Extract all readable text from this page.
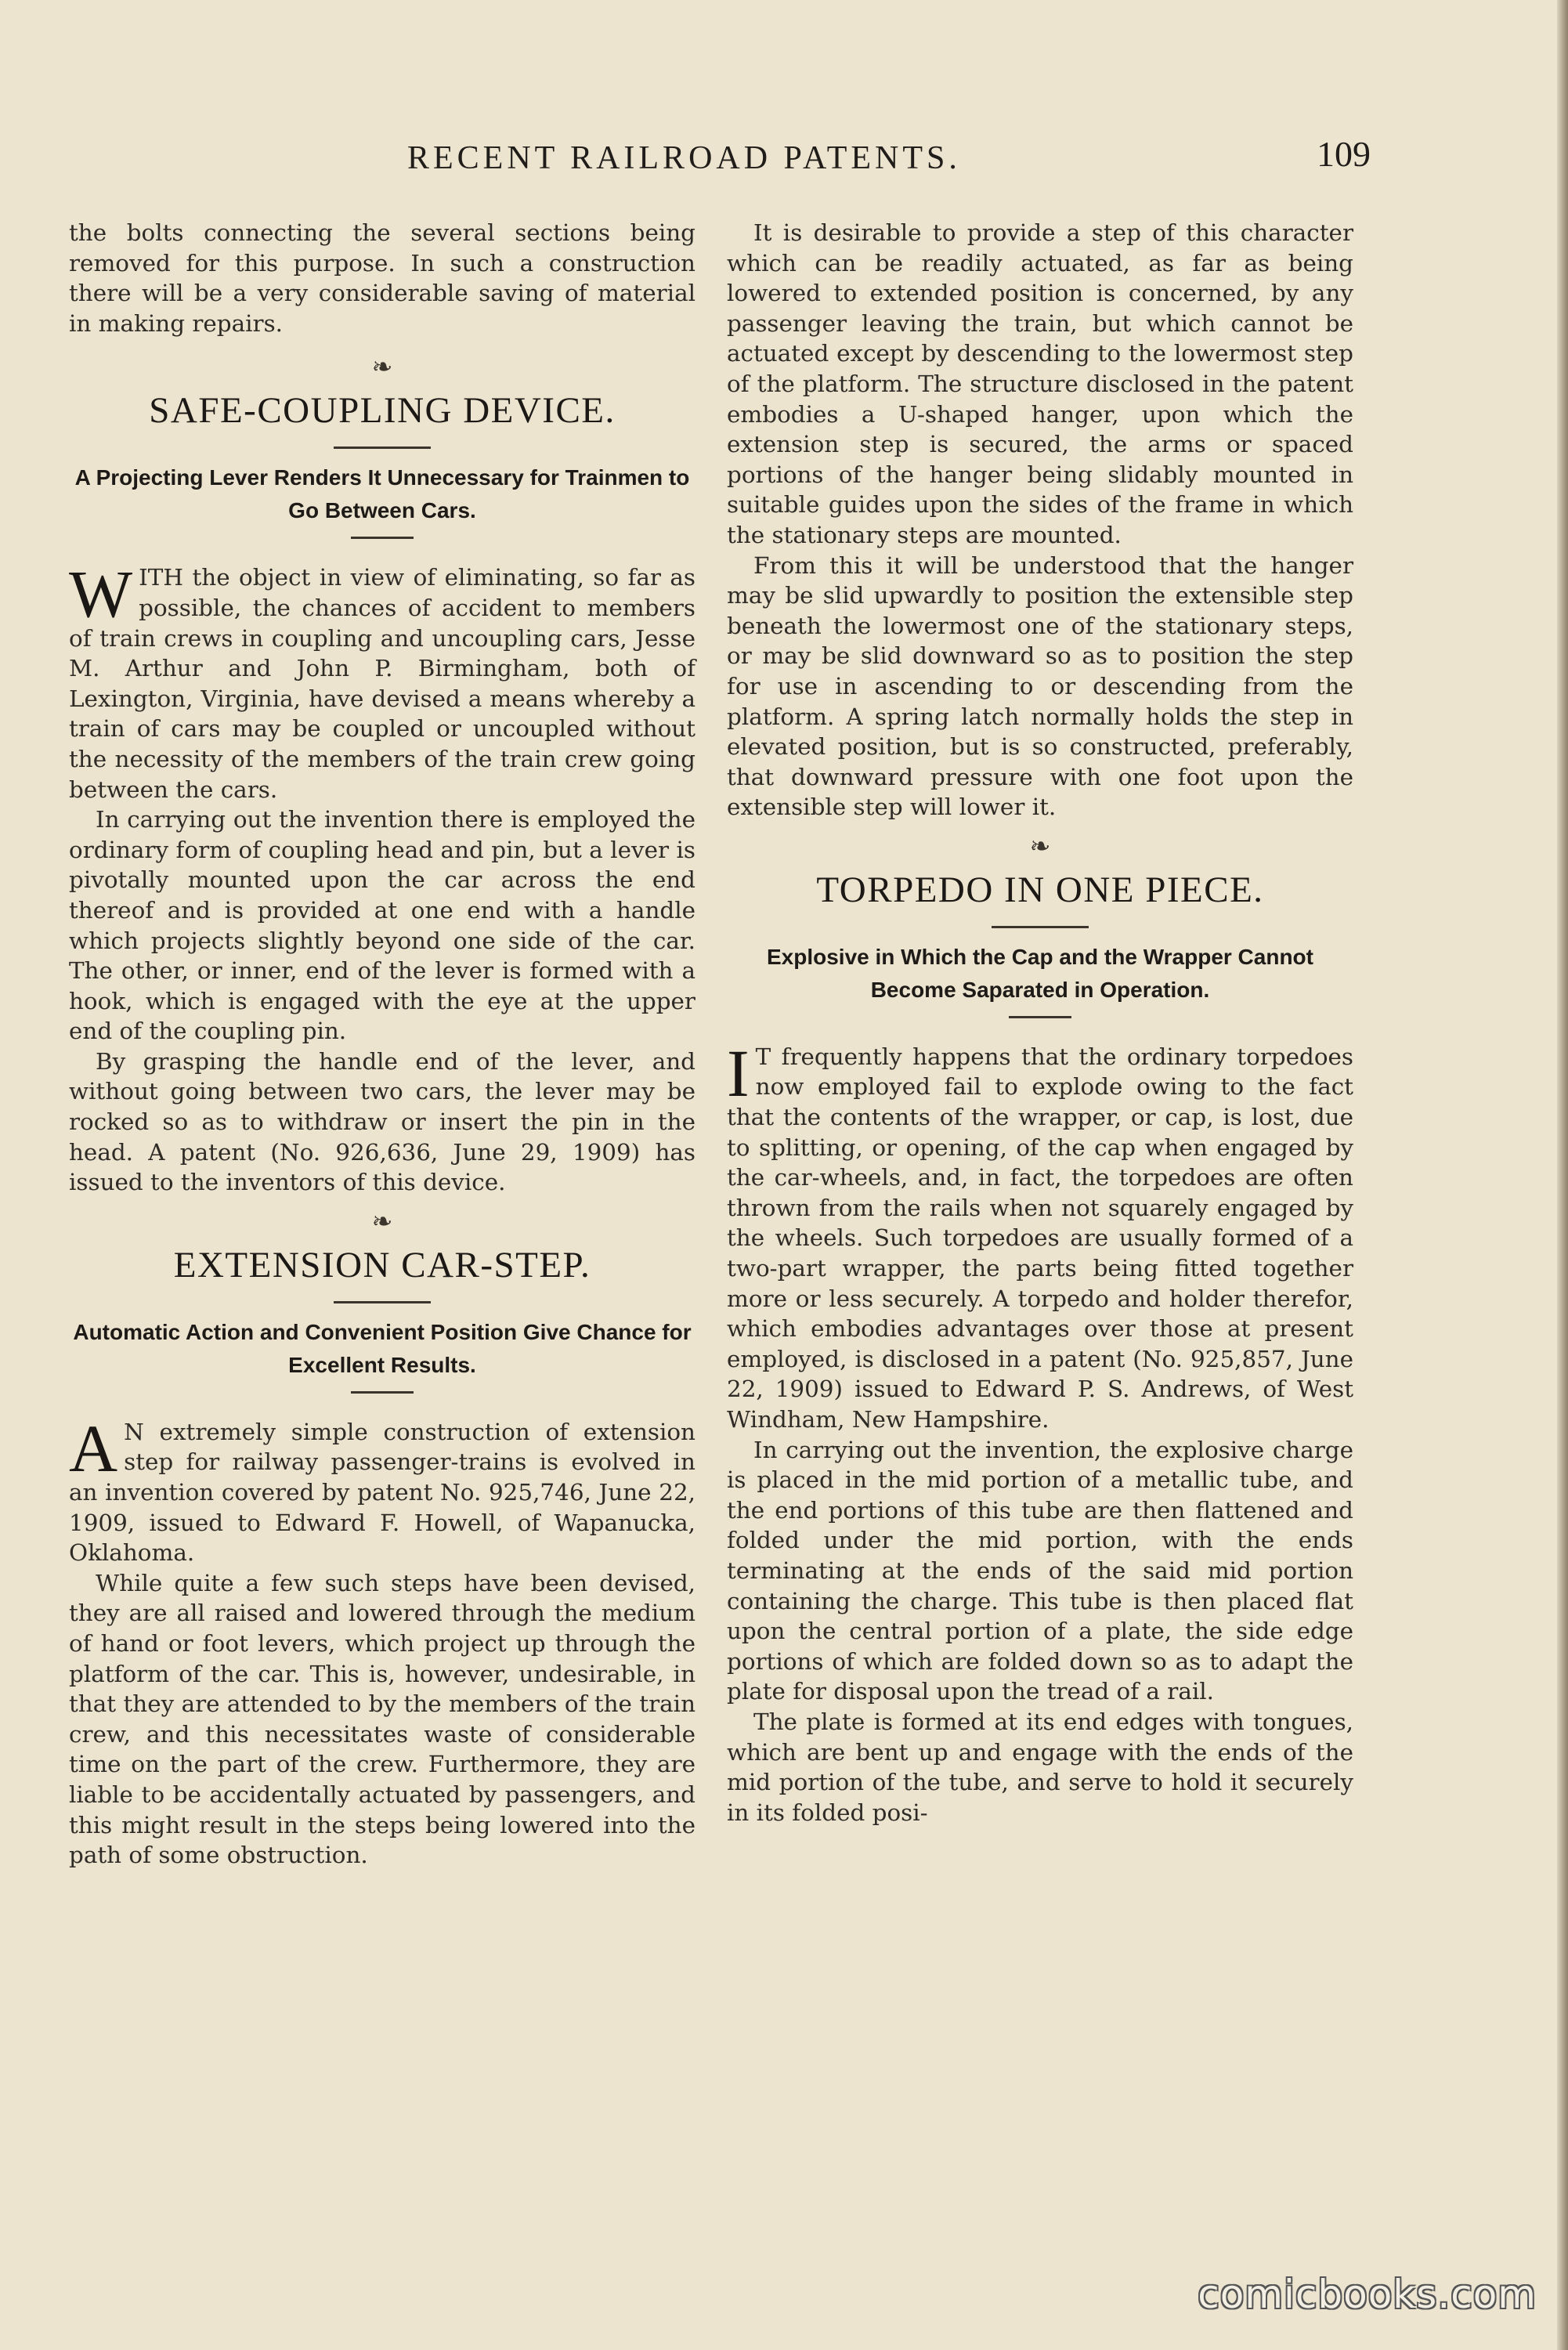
RECENT RAILROAD PATENTS.	109

the bolts connecting the several sections being removed for this purpose. In such a construction there will be a very considerable saving of material in making repairs.

❧
SAFE-COUPLING DEVICE.
A Projecting Lever Renders It Unnecessary for Trainmen to Go Between Cars.

WITH the object in view of eliminating, so far as possible, the chances of accident to members of train crews in coupling and uncoupling cars, Jesse M. Arthur and John P. Birmingham, both of Lexington, Virginia, have devised a means whereby a train of cars may be coupled or uncoupled without the necessity of the members of the train crew going between the cars.

In carrying out the invention there is employed the ordinary form of coupling head and pin, but a lever is pivotally mounted upon the car across the end thereof and is provided at one end with a handle which projects slightly beyond one side of the car. The other, or inner, end of the lever is formed with a hook, which is engaged with the eye at the upper end of the coupling pin.

By grasping the handle end of the lever, and without going between two cars, the lever may be rocked so as to withdraw or insert the pin in the head. A patent (No. 926,636, June 29, 1909) has issued to the inventors of this device.

❧
EXTENSION CAR-STEP.
Automatic Action and Convenient Position Give Chance for Excellent Results.

A N extremely simple construction of extension step for railway passenger-trains is evolved in an invention covered by patent No. 925,746, June 22, 1909, issued to Edward F. Howell, of Wapanucka, Oklahoma.

While quite a few such steps have been devised, they are all raised and lowered through the medium of hand or foot levers, which project up through the platform of the car. This is, however, undesirable, in that they are attended to by the members of the train crew, and this necessitates waste of considerable time on the part of the crew. Furthermore, they are liable to be accidentally actuated by passengers, and this might result in the steps being lowered into the path of some obstruction.

It is desirable to provide a step of this character which can be readily actuated, as far as being lowered to extended position is concerned, by any passenger leaving the train, but which cannot be actuated except by descending to the lowermost step of the platform. The structure disclosed in the patent embodies a U-shaped hanger, upon which the extension step is secured, the arms or spaced portions of the hanger being slidably mounted in suitable guides upon the sides of the frame in which the stationary steps are mounted.

From this it will be understood that the hanger may be slid upwardly to position the extensible step beneath the lowermost one of the stationary steps, or may be slid downward so as to position the step for use in ascending to or descending from the platform. A spring latch normally holds the step in elevated position, but is so constructed, preferably, that downward pressure with one foot upon the extensible step will lower it.

❧
TORPEDO IN ONE PIECE.
Explosive in Which the Cap and the Wrapper Cannot Become Saparated in Operation.

I T frequently happens that the ordinary torpedoes now employed fail to explode owing to the fact that the contents of the wrapper, or cap, is lost, due to splitting, or opening, of the cap when engaged by the car-wheels, and, in fact, the torpedoes are often thrown from the rails when not squarely engaged by the wheels. Such torpedoes are usually formed of a two-part wrapper, the parts being fitted together more or less securely. A torpedo and holder therefor, which embodies advantages over those at present employed, is disclosed in a patent (No. 925,857, June 22, 1909) issued to Edward P. S. Andrews, of West Windham, New Hampshire.

In carrying out the invention, the explosive charge is placed in the mid portion of a metallic tube, and the end portions of this tube are then flattened and folded under the mid portion, with the ends terminating at the ends of the said mid portion containing the charge. This tube is then placed flat upon the central portion of a plate, the side edge portions of which are folded down so as to adapt the plate for disposal upon the tread of a rail.

The plate is formed at its end edges with tongues, which are bent up and engage with the ends of the mid portion of the tube, and serve to hold it securely in its folded posi-

comicbooks.com
